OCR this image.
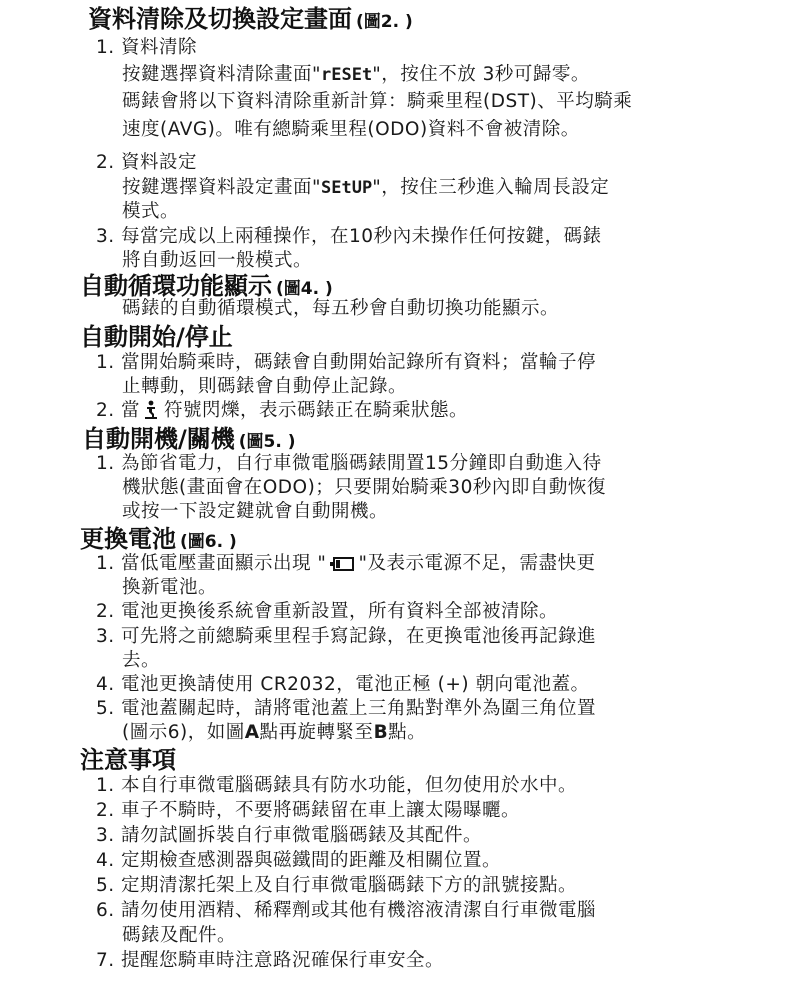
資料清除及切換設定畫面 (圖2. )
1. 資料清除
按鍵選擇資料清除畫面"rESEt"，按住不放 3秒可歸零。
碼錶會將以下資料清除重新計算：騎乘里程(DST)、平均騎乘
速度(AVG)。唯有總騎乘里程(ODO)資料不會被清除。
2. 資料設定
按鍵選擇資料設定畫面"SEtUP"，按住三秒進入輪周長設定
模式。
3. 每當完成以上兩種操作，在10秒內未操作任何按鍵，碼錶
將自動返回一般模式。
自動循環功能顯示 (圖4. )
碼錶的自動循環模式，每五秒會自動切換功能顯示。
自動開始/停止
1. 當開始騎乘時，碼錶會自動開始記錄所有資料；當輪子停
止轉動，則碼錶會自動停止記錄。
2. 當 符號閃爍，表示碼錶正在騎乘狀態。
自動開機/關機 (圖5. )
1. 為節省電力，自行車微電腦碼錶閒置15分鐘即自動進入待
機狀態(畫面會在ODO)；只要開始騎乘30秒內即自動恢復
或按一下設定鍵就會自動開機。
更換電池 (圖6. )
1. 當低電壓畫面顯示出現 " "及表示電源不足，需盡快更
換新電池。
2. 電池更換後系統會重新設置，所有資料全部被清除。
3. 可先將之前總騎乘里程手寫記錄，在更換電池後再記錄進
去。
4. 電池更換請使用 CR2032，電池正極 (+) 朝向電池蓋。
5. 電池蓋關起時，請將電池蓋上三角點對準外為圍三角位置
(圖示6)，如圖A點再旋轉緊至B點。
注意事項
1. 本自行車微電腦碼錶具有防水功能，但勿使用於水中。
2. 車子不騎時，不要將碼錶留在車上讓太陽曝曬。
3. 請勿試圖拆裝自行車微電腦碼錶及其配件。
4. 定期檢查感測器與磁鐵間的距離及相關位置。
5. 定期清潔托架上及自行車微電腦碼錶下方的訊號接點。
6. 請勿使用酒精、稀釋劑或其他有機溶液清潔自行車微電腦
碼錶及配件。
7. 提醒您騎車時注意路況確保行車安全。
